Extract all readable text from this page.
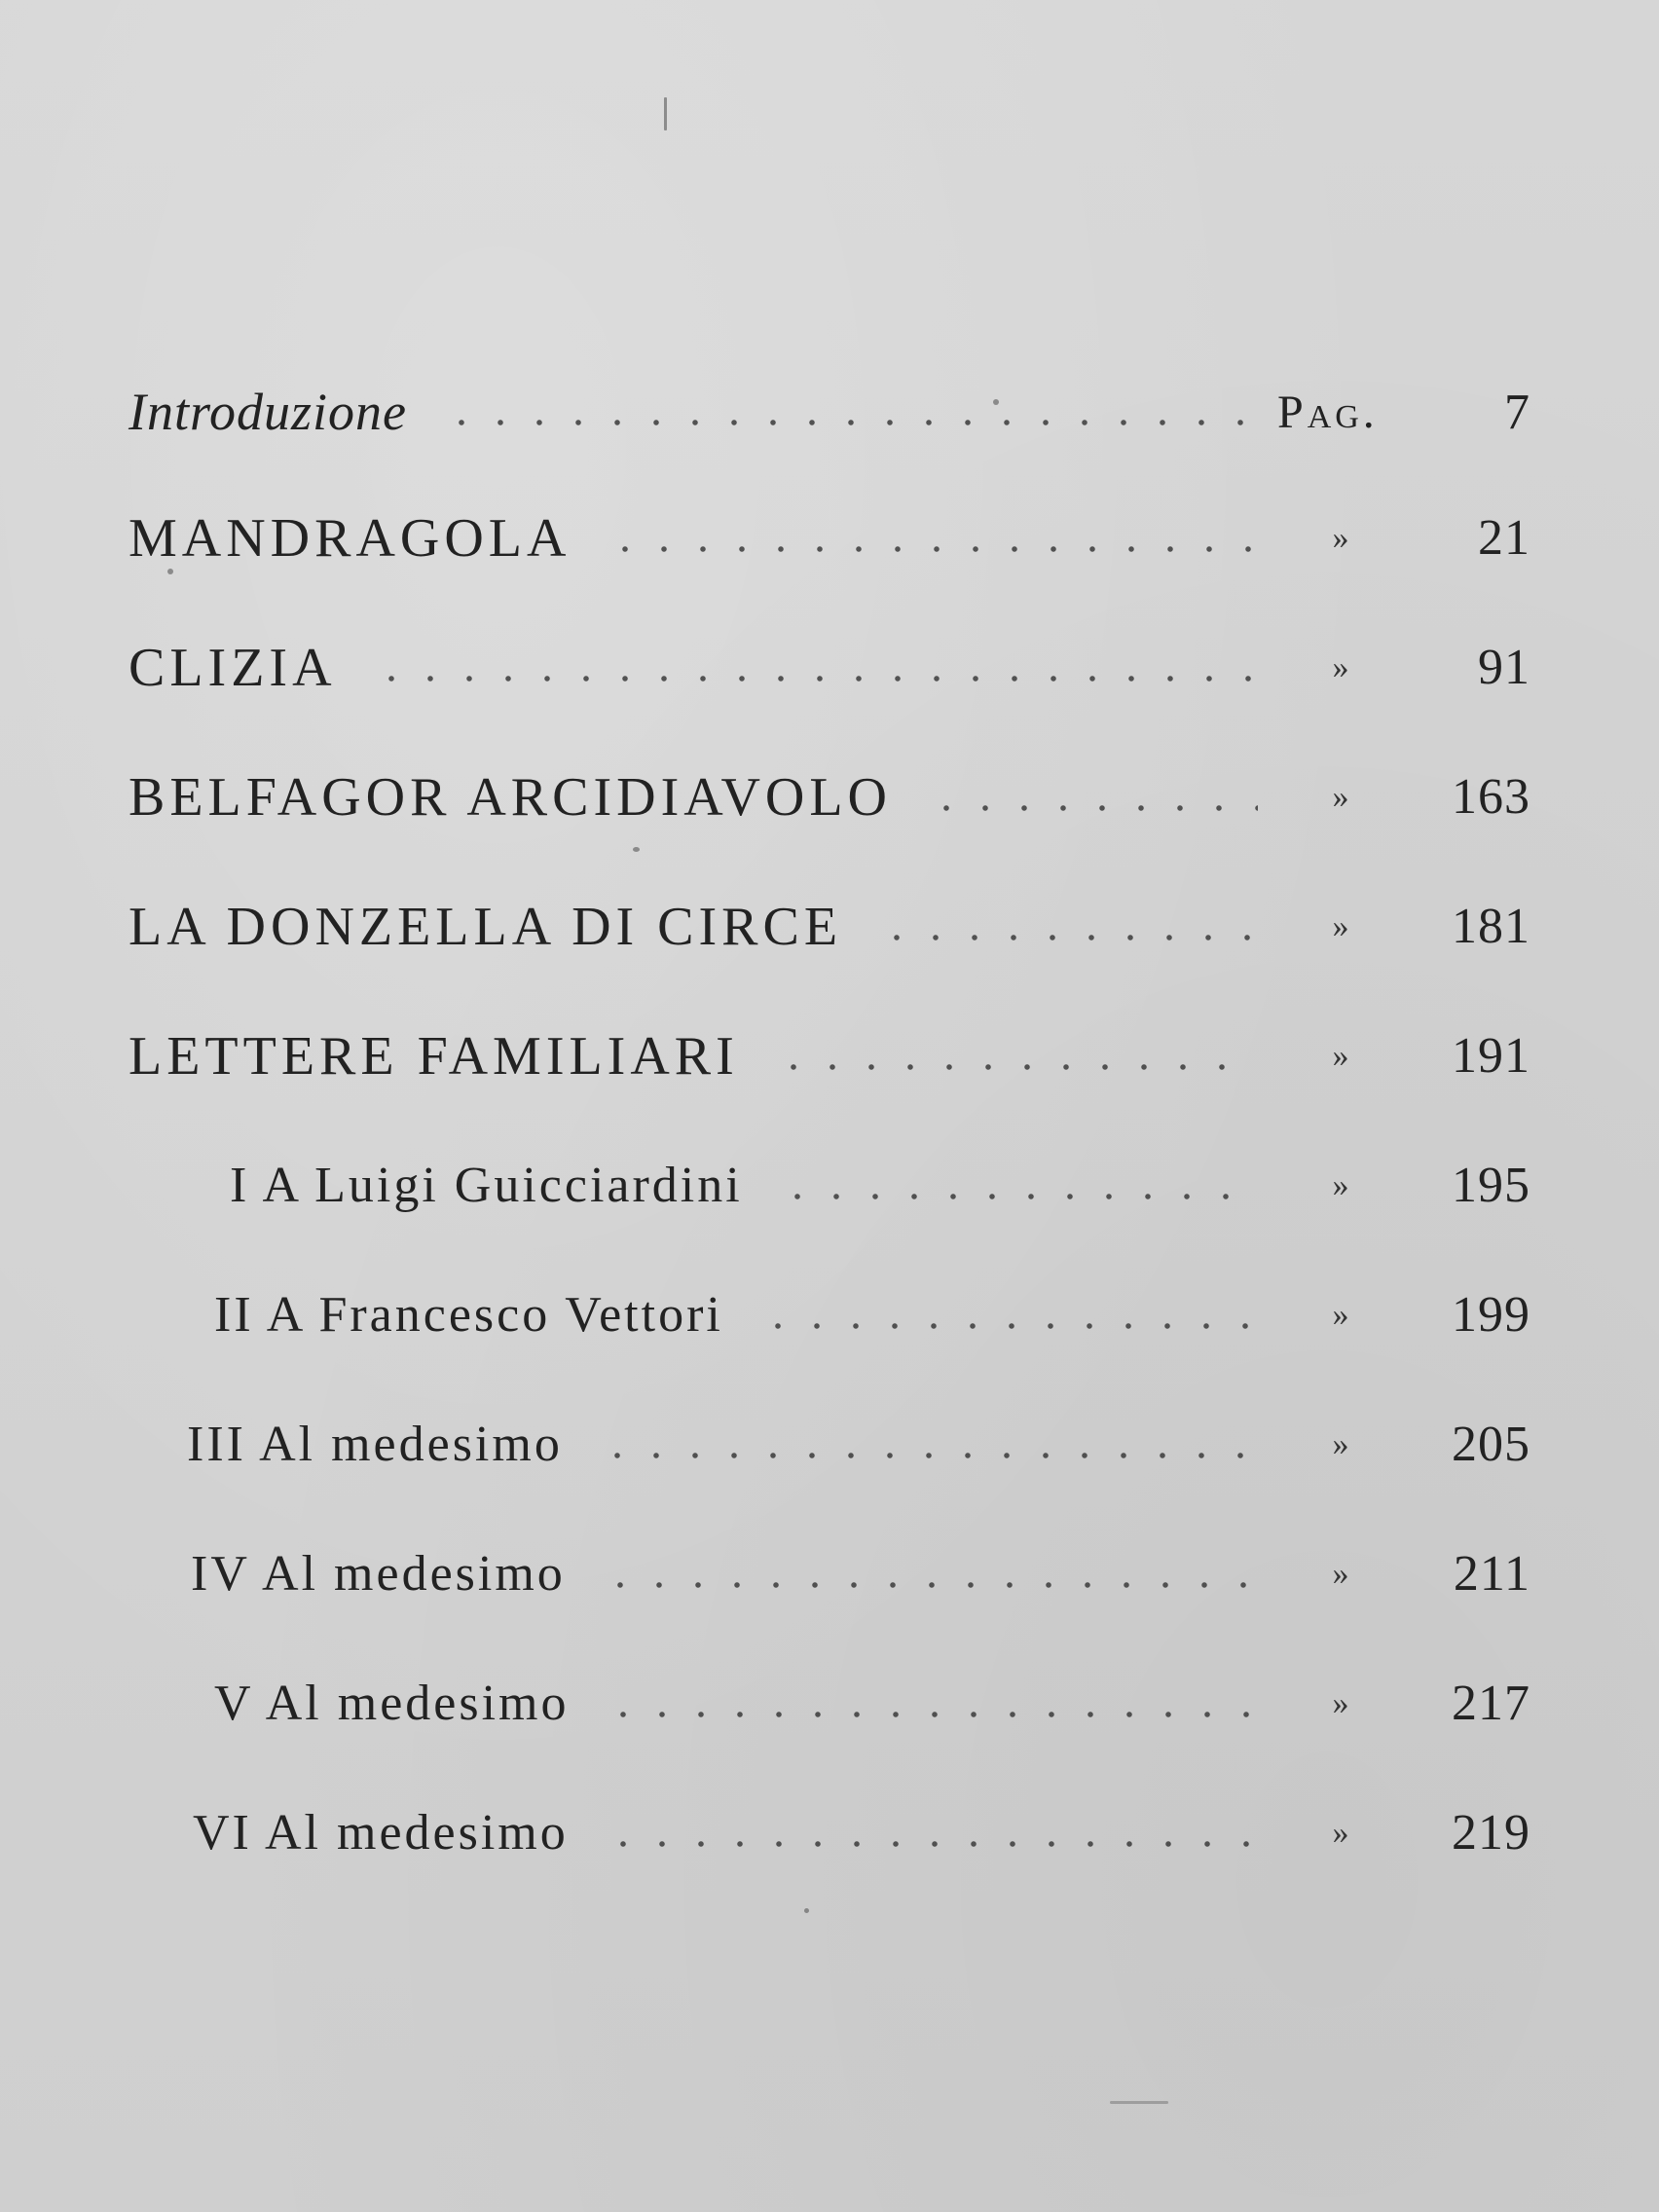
Introduzione	Pag.	7
MANDRAGOLA	»	21
CLIZIA	»	91
BELFAGOR ARCIDIAVOLO	»	163
LA DONZELLA DI CIRCE	»	181
LETTERE FAMILIARI	»	191
I A Luigi Guicciardini	»	195
II A Francesco Vettori	»	199
III Al medesimo	»	205
IV Al medesimo	»	211
V Al medesimo	»	217
VI Al medesimo	»	219
